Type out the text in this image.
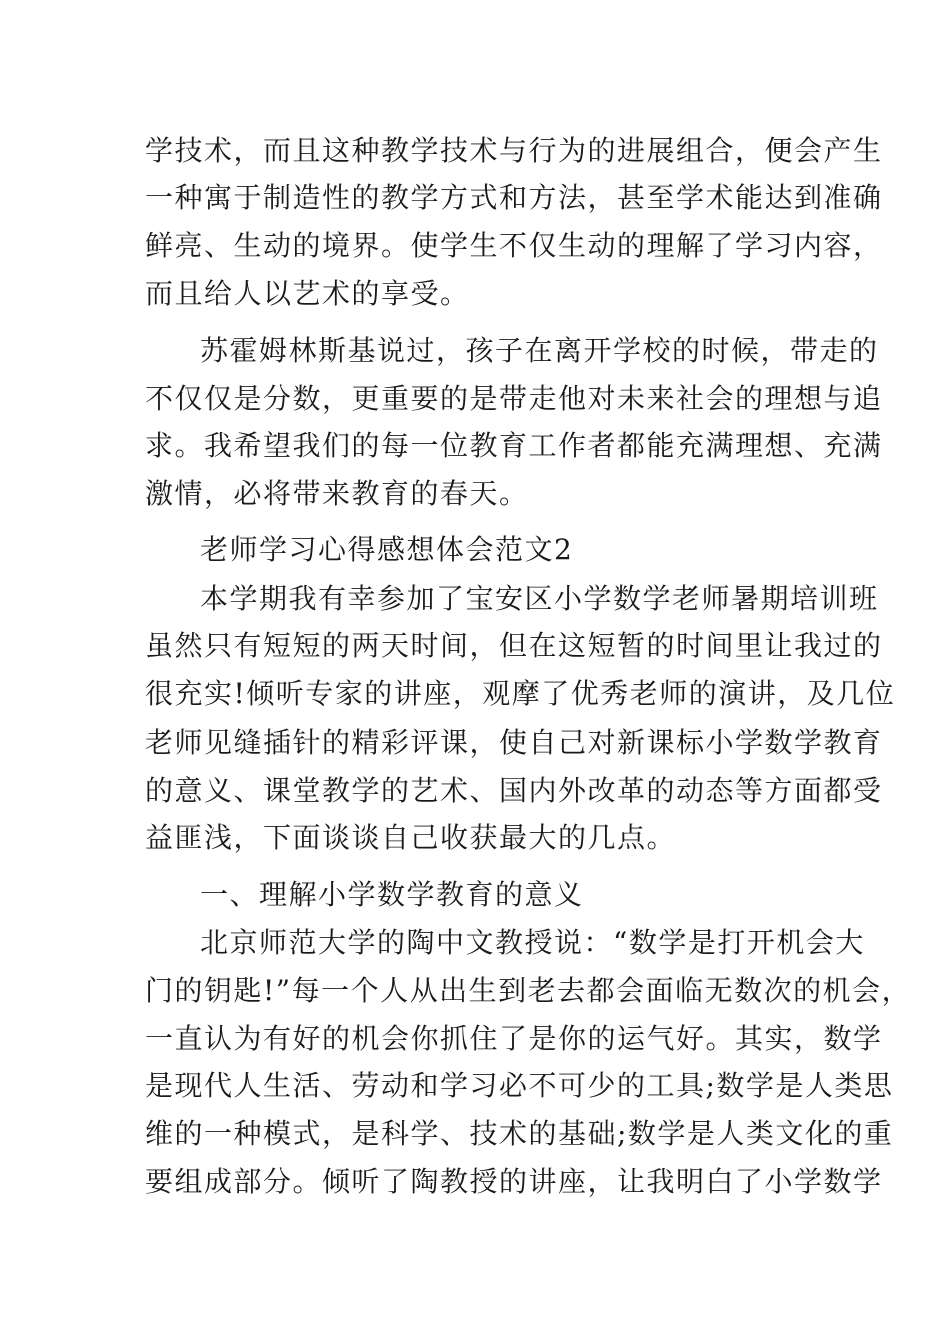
学技术，而且这种教学技术与行为的进展组合，便会产生

一种寓于制造性的教学方式和方法，甚至学术能达到准确

鲜亮、生动的境界。使学生不仅生动的理解了学习内容，

而且给人以艺术的享受。

苏霍姆林斯基说过，孩子在离开学校的时候，带走的

不仅仅是分数，更重要的是带走他对未来社会的理想与追

求。我希望我们的每一位教育工作者都能充满理想、充满

激情，必将带来教育的春天。

老师学习心得感想体会范文2

本学期我有幸参加了宝安区小学数学老师暑期培训班

虽然只有短短的两天时间，但在这短暂的时间里让我过的

很充实!倾听专家的讲座，观摩了优秀老师的演讲，及几位

老师见缝插针的精彩评课，使自己对新课标小学数学教育

的意义、课堂教学的艺术、国内外改革的动态等方面都受

益匪浅，下面谈谈自己收获最大的几点。

一、理解小学数学教育的意义

北京师范大学的陶中文教授说：“数学是打开机会大

门的钥匙!”每一个人从出生到老去都会面临无数次的机会，

一直认为有好的机会你抓住了是你的运气好。其实，数学

是现代人生活、劳动和学习必不可少的工具;数学是人类思

维的一种模式，是科学、技术的基础;数学是人类文化的重

要组成部分。倾听了陶教授的讲座，让我明白了小学数学
